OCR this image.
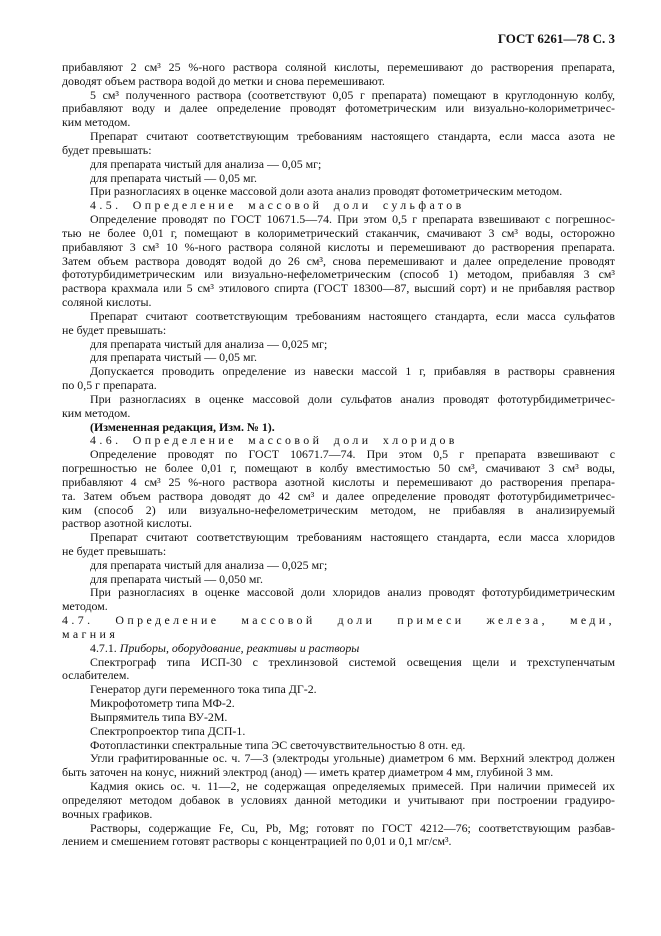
ГОСТ 6261—78 С. 3
прибавляют 2 см³ 25 %-ного раствора соляной кислоты, перемешивают до растворения препарата,
доводят объем раствора водой до метки и снова перемешивают.
5 см³ полученного раствора (соответствуют 0,05 г препарата) помещают в круглодонную колбу,
прибавляют воду и далее определение проводят фотометрическим или визуально-колориметричес-
ким методом.
Препарат считают соответствующим требованиям настоящего стандарта, если масса азота не
будет превышать:
для препарата чистый для анализа — 0,05 мг;
для препарата чистый — 0,05 мг.
При разногласиях в оценке массовой доли азота анализ проводят фотометрическим методом.
4.5. Определение массовой доли сульфатов
Определение проводят по ГОСТ 10671.5—74. При этом 0,5 г препарата взвешивают с погрешнос-
тью не более 0,01 г, помещают в колориметрический стаканчик, смачивают 3 см³ воды, осторожно
прибавляют 3 см³ 10 %-ного раствора соляной кислоты и перемешивают до растворения препарата.
Затем объем раствора доводят водой до 26 см³, снова перемешивают и далее определение проводят
фототурбидиметрическим или визуально-нефелометрическим (способ 1) методом, прибавляя 3 см³
раствора крахмала или 5 см³ этилового спирта (ГОСТ 18300—87, высший сорт) и не прибавляя раствор
соляной кислоты.
Препарат считают соответствующим требованиям настоящего стандарта, если масса сульфатов
не будет превышать:
для препарата чистый для анализа — 0,025 мг;
для препарата чистый — 0,05 мг.
Допускается проводить определение из навески массой 1 г, прибавляя в растворы сравнения
по 0,5 г препарата.
При разногласиях в оценке массовой доли сульфатов анализ проводят фототурбидиметричес-
ким методом.
(Измененная редакция, Изм. № 1).
4.6. Определение массовой доли хлоридов
Определение проводят по ГОСТ 10671.7—74. При этом 0,5 г препарата взвешивают с
погрешностью не более 0,01 г, помещают в колбу вместимостью 50 см³, смачивают 3 см³ воды,
прибавляют 4 см³ 25 %-ного раствора азотной кислоты и перемешивают до растворения препара-
та. Затем объем раствора доводят до 42 см³ и далее определение проводят фототурбидиметричес-
ким (способ 2) или визуально-нефелометрическим методом, не прибавляя в анализируемый
раствор азотной кислоты.
Препарат считают соответствующим требованиям настоящего стандарта, если масса хлоридов
не будет превышать:
для препарата чистый для анализа — 0,025 мг;
для препарата чистый — 0,050 мг.
При разногласиях в оценке массовой доли хлоридов анализ проводят фототурбидиметрическим
методом.
4.7. Определение массовой доли примеси железа, меди,
магния
4.7.1. Приборы, оборудование, реактивы и растворы
Спектрограф типа ИСП-30 с трехлинзовой системой освещения щели и трехступенчатым
ослабителем.
Генератор дуги переменного тока типа ДГ-2.
Микрофотометр типа МФ-2.
Выпрямитель типа ВУ-2М.
Спектропроектор типа ДСП-1.
Фотопластинки спектральные типа ЭС светочувствительностью 8 отн. ед.
Угли графитированные ос. ч. 7—3 (электроды угольные) диаметром 6 мм. Верхний электрод должен
быть заточен на конус, нижний электрод (анод) — иметь кратер диаметром 4 мм, глубиной 3 мм.
Кадмия окись ос. ч. 11—2, не содержащая определяемых примесей. При наличии примесей их
определяют методом добавок в условиях данной методики и учитывают при построении градуиро-
вочных графиков.
Растворы, содержащие Fe, Cu, Pb, Mg; готовят по ГОСТ 4212—76; соответствующим разбав-
лением и смешением готовят растворы с концентрацией по 0,01 и 0,1 мг/см³.
